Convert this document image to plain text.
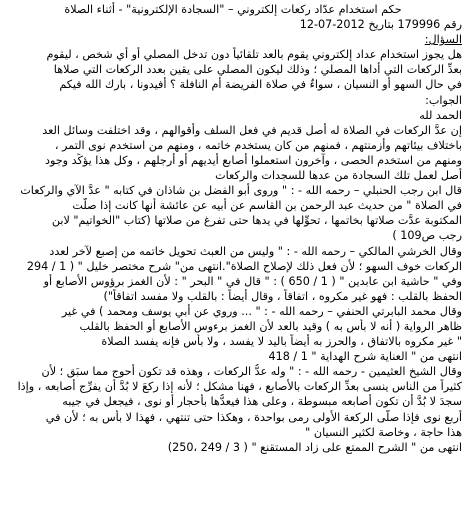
حكم استخدام عدّاد ركعات إلكتروني – "السجادة الإلكترونية" - أثناء الصلاة
رقم 179996 بتاريخ 12-07-2012
السؤال:
هل يجوز استخدام عداد إلكتروني يقوم بالعد تلقائياً دون تدخل المصلي أو أي شخص ، ليقوم
بعدِّ الركعات التي أداها المصلي ؛ وذلك ليكون المصلي على يقين بعدد الركعات التي صلاها
في حال السهو أو النسيان ، سواءٌ في صلاة الفريضة أم النافلة ؟ أفيدونا ، بارك الله فيكم
الجواب:
الحمد لله
إن عدَّ الركعات في الصلاة له أصل قديم في فعل السلف وأقوالهم ، وقد اختلفت وسائل العد
باختلاف بيئاتهم وأزمنتهم ، فمنهم من كان يستخدم خاتمه ، ومنهم من استخدم نوى التمر ،
ومنهم من استخدم الحصى ، وآخرون استعملوا أصابع أيديهم أو أرجلهم ، وكل هذا يؤكِّد وجود
أصل لعمل تلك السجادة من عدها للسجدات والركعات
قال ابن رجب الحنبلي – رحمه الله - : " وروى أبو الفضل بن شاذان في كتابه " عدَّ الآي والركعات
في الصلاة " من حديث عبد الرحمن بن القاسم عن أبيه عن عائشة أنها كانت إذا صلَّت
المكتوبة عدَّت صلاتها بخاتمها ، تحوِّلها في يدها حتى تفرغ من صلاتها (كتاب "الخواتيم" لابن
رجب ص109 )
وقال الخرشي المالكي – رحمه الله - : " وليس من العبث تحويل خاتمه من إصبع لآخر لعدد
الركعات خوف السهو ؛ لأن فعل ذلك لإصلاح الصلاة".انتهى من" شرح مختصر خليل " ( 1 / 294
وفي " حاشية ابن عابدين " ( 1 / 650 ) : " قال في " البحر " : لأن الغمز برؤوس الأصابع أو
الحفظ بالقلب : فهو غير مكروه ، اتفاقاً ، وقال أيضاً : بالقلب ولا مفسد اتفاقاً")
وقال محمد البابرتي الحنفي – رحمه الله - : " ... وروي عن أبي يوسف ومحمد ) في غير
ظاهر الرواية ( أنه لا بأس به ) وقيد بالعد لأن الغمز برءوس الأصابع أو الحفظ بالقلب
" غير مكروه بالاتفاق ، والحرز به أيضاً باليد لا يفسد ، ولا بأس فإنه يفسد الصلاة
انتهى من " العناية شرح الهداية " 1 / 418
وقال الشيخ العثيمين - رحمه الله - : " وله عدُّ الركعات ، وهذه قد تكون أحوج مما سبَق ؛ لأن
كثيراً من الناس ينسى بعدِّ الركعات بالأصابع ، فهنا مشكل ؛ لأنه إذا ركعَ لا بُدَّ أن يفرِّج أصابعه ، وإذا
سجدَ لا بُدَّ أن تكون أصابعه مبسوطة ، وعلى هذا فيعدُّها بأحجار أو نوى ، فيجعل في جيبه
أربع نوى فإذا صلَّى الركعة الأولى رمى بواحدة ، وهكذا حتى تنتهي ، فهذا لا بأس به ؛ لأن في
هذا حاجة ، وخاصة لكثير النسيان "
انتهى من " الشرح الممتع على زاد المستقنع " ( 3 / 249 ،250)
